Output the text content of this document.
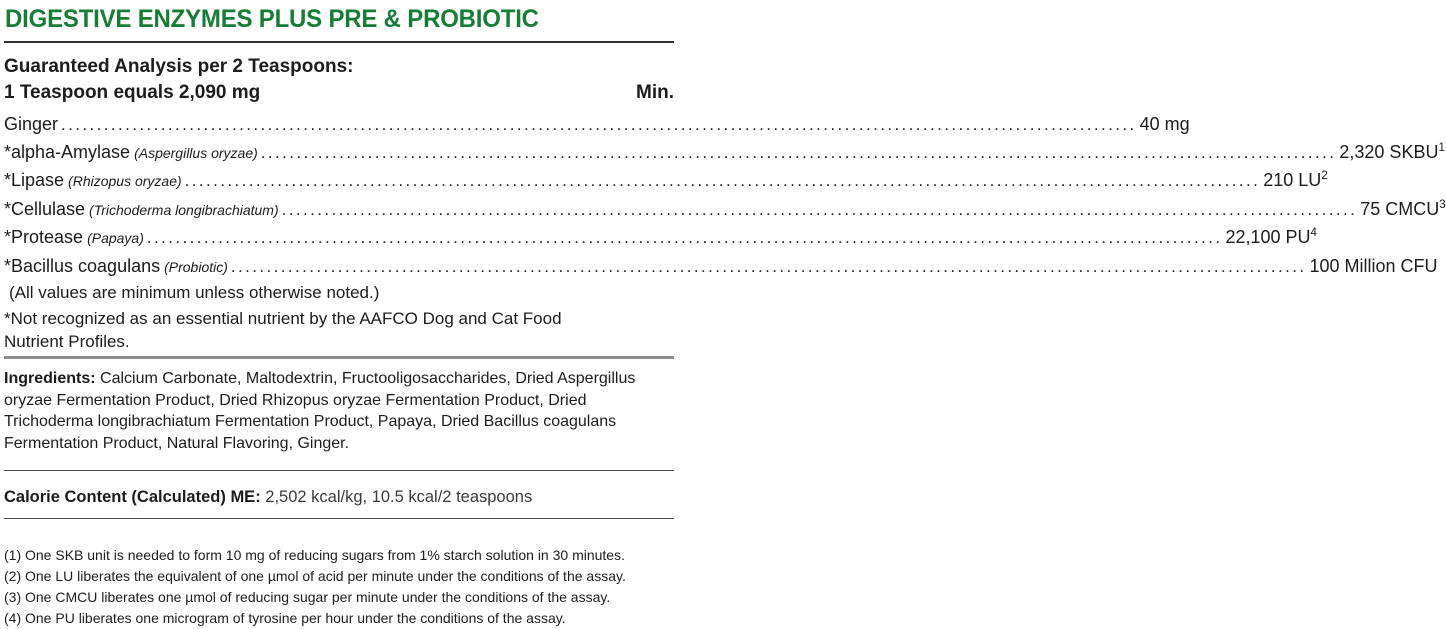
DIGESTIVE ENZYMES PLUS PRE & PROBIOTIC
Guaranteed Analysis per 2 Teaspoons:
1 Teaspoon equals 2,090 mg	Min.
Ginger .....	40 mg
*alpha-Amylase (Aspergillus oryzae) .....	2,320 SKBU$^1$
*Lipase (Rhizopus oryzae) .....	210 $LU^2$
*Cellulase (Trichoderma longibrachiatum) .....	75 CMCU$^3$
*Protease (Papaya) .....	22,100 $PU^4$
*Bacillus coagulans (Probiotic) .....	100 Million CFU
(All values are minimum unless otherwise noted.)
*Not recognized as an essential nutrient by the AAFCO Dog and Cat Food Nutrient Profiles.

Ingredients: Calcium Carbonate, Maltodextrin, Fructooligosaccharides, Dried Aspergillus oryzae Fermentation Product, Dried Rhizopus oryzae Fermentation Product, Dried Trichoderma longibrachiatum Fermentation Product, Papaya, Dried Bacillus coagulans Fermentation Product, Natural Flavoring, Ginger.

Calorie Content (Calculated) ME: 2,502 kcal/kg, 10.5 kcal/2 teaspoons
(1) One SKB unit is needed to form 10 mg of reducing sugars from 1% starch solution in 30 minutes.
(2) One LU liberates the equivalent of one µmol of acid per minute under the conditions of the assay.
(3) One CMCU liberates one µmol of reducing sugar per minute under the conditions of the assay.
(4) One PU liberates one microgram of tyrosine per hour under the conditions of the assay.
